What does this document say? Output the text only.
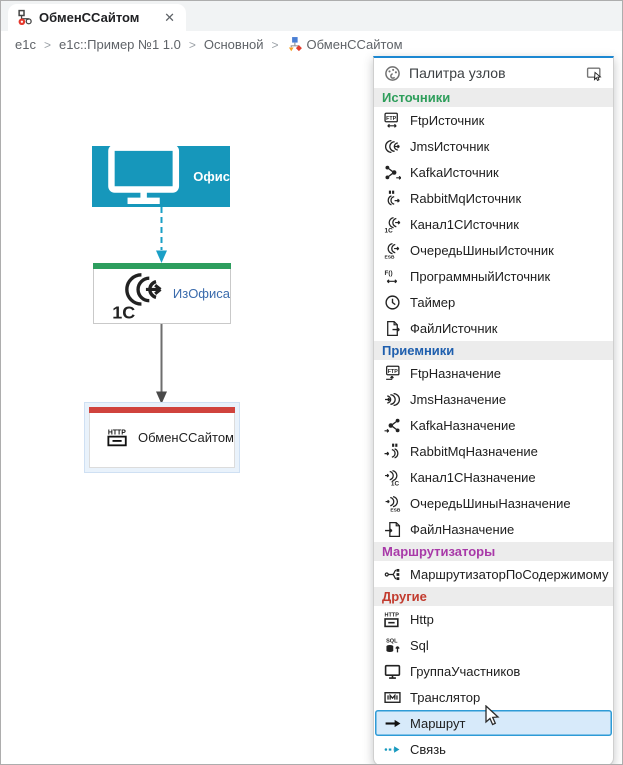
ОбменССайтом	✕
e1c > e1c::Пример №1 1.0 > Основной > ОбменССайтом
Офис
1С
ИзОфиса
HTTP ОбменССайтом
Палитра узлов
Источники
FTP FtpИсточник
JmsИсточник
KafkaИсточник
RabbitMqИсточник
1С Канал1СИсточник
ESB ОчередьШиныИсточник
F() ПрограммныйИсточник
Таймер
ФайлИсточник
Приемники
FTP FtpНазначение
JmsНазначение
KafkaНазначение
RabbitMqНазначение
1С Канал1СНазначение
ESB ОчередьШиныНазначение
ФайлНазначение
Маршрутизаторы
МаршрутизаторПоСодержимому
Другие
HTTP Http
SQL Sql
ГруппаУчастников
Транслятор
Маршрут
Связь
